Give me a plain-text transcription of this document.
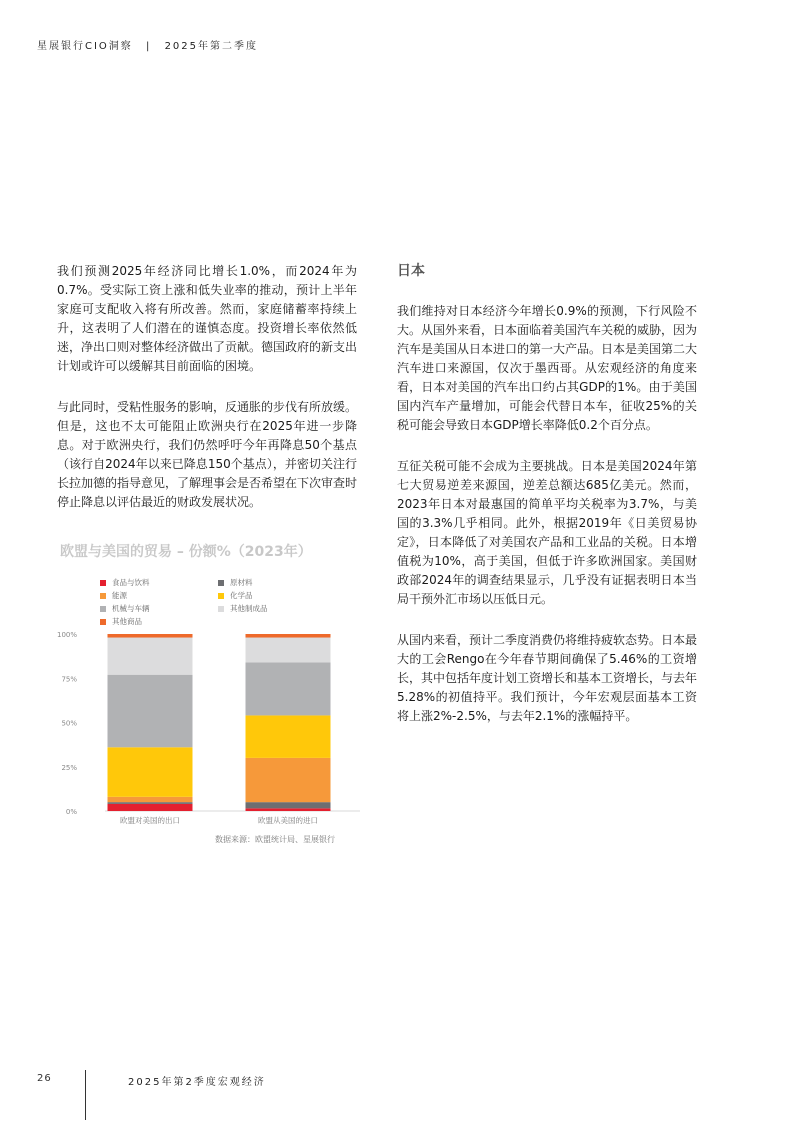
星展银行CIO洞察 | 2025年第二季度

我们预测2025年经济同比增长1.0%，而2024年为0.7%。受实际工资上涨和低失业率的推动，预计上半年家庭可支配收入将有所改善。然而，家庭储蓄率持续上升，这表明了人们潜在的谨慎态度。投资增长率依然低迷，净出口则对整体经济做出了贡献。德国政府的新支出计划或许可以缓解其目前面临的困境。

与此同时，受粘性服务的影响，反通胀的步伐有所放缓。但是，这也不太可能阻止欧洲央行在2025年进一步降息。对于欧洲央行，我们仍然呼吁今年再降息50个基点（该行自2024年以来已降息150个基点），并密切关注行长拉加德的指导意见，了解理事会是否希望在下次审查时停止降息以评估最近的财政发展状况。

日本

我们维持对日本经济今年增长0.9%的预测，下行风险不大。从国外来看，日本面临着美国汽车关税的威胁，因为汽车是美国从日本进口的第一大产品。日本是美国第二大汽车进口来源国，仅次于墨西哥。从宏观经济的角度来看，日本对美国的汽车出口约占其GDP的1%。由于美国国内汽车产量增加，可能会代替日本车，征收25%的关税可能会导致日本GDP增长率降低0.2个百分点。

互征关税可能不会成为主要挑战。日本是美国2024年第七大贸易逆差来源国，逆差总额达685亿美元。然而，2023年日本对最惠国的简单平均关税率为3.7%，与美国的3.3%几乎相同。此外，根据2019年《日美贸易协定》，日本降低了对美国农产品和工业品的关税。日本增值税为10%，高于美国，但低于许多欧洲国家。美国财政部2024年的调查结果显示，几乎没有证据表明日本当局干预外汇市场以压低日元。

从国内来看，预计二季度消费仍将维持疲软态势。日本最大的工会Rengo在今年春节期间确保了5.46%的工资增长，其中包括年度计划工资增长和基本工资增长，与去年5.28%的初值持平。我们预计，今年宏观层面基本工资将上涨2%-2.5%，与去年2.1%的涨幅持平。

欧盟与美国的贸易 – 份额%（2023年）
食品与饮料	原材料
能源	化学品
机械与车辆	其他制成品
其他商品
0%
25%
50%
75%
100%
欧盟对美国的出口	欧盟从美国的进口
数据来源：欧盟统计局、星展银行
26	2025年第2季度宏观经济
